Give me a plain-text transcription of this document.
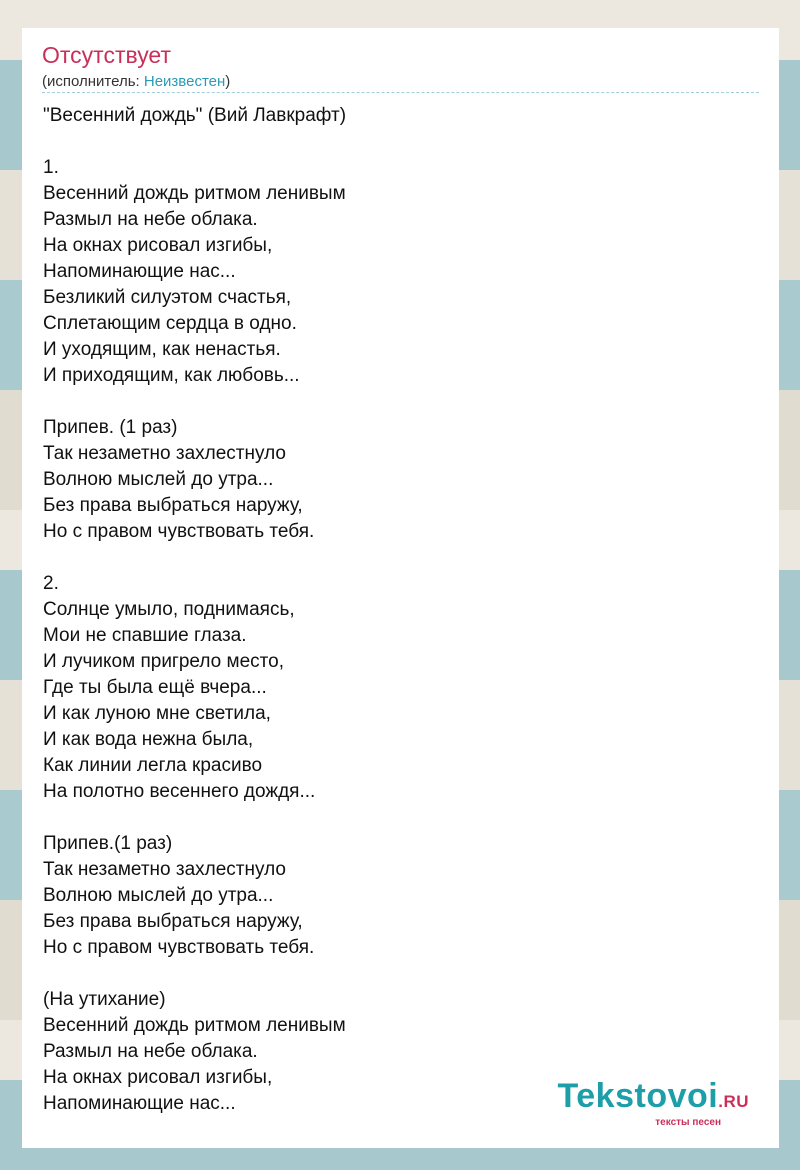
Отсутствует
(исполнитель: Неизвестен)
"Весенний дождь" (Вий Лавкрафт)

1.
Весенний дождь ритмом ленивым
Размыл на небе облака.
На окнах рисовал изгибы,
Напоминающие нас...
Безликий силуэтом счастья,
Сплетающим сердца в одно.
И уходящим, как ненастья.
И приходящим, как любовь...

Припев. (1 раз)
Так незаметно захлестнуло
Волною мыслей до утра...
Без права выбраться наружу,
Но с правом чувствовать тебя.

2.
Солнце умыло, поднимаясь,
Мои не спавшие глаза.
И лучиком пригрело место,
Где ты была ещё вчера...
И как луною мне светила,
И как вода нежна была,
Как линии легла красиво
На полотно весеннего дождя...

Припев.(1 раз)
Так незаметно захлестнуло
Волною мыслей до утра...
Без права выбраться наружу,
Но с правом чувствовать тебя.

(На утихание)
Весенний дождь ритмом ленивым
Размыл на небе облака.
На окнах рисовал изгибы,
Напоминающие нас...	Tekstovoi.RU
тексты песен
